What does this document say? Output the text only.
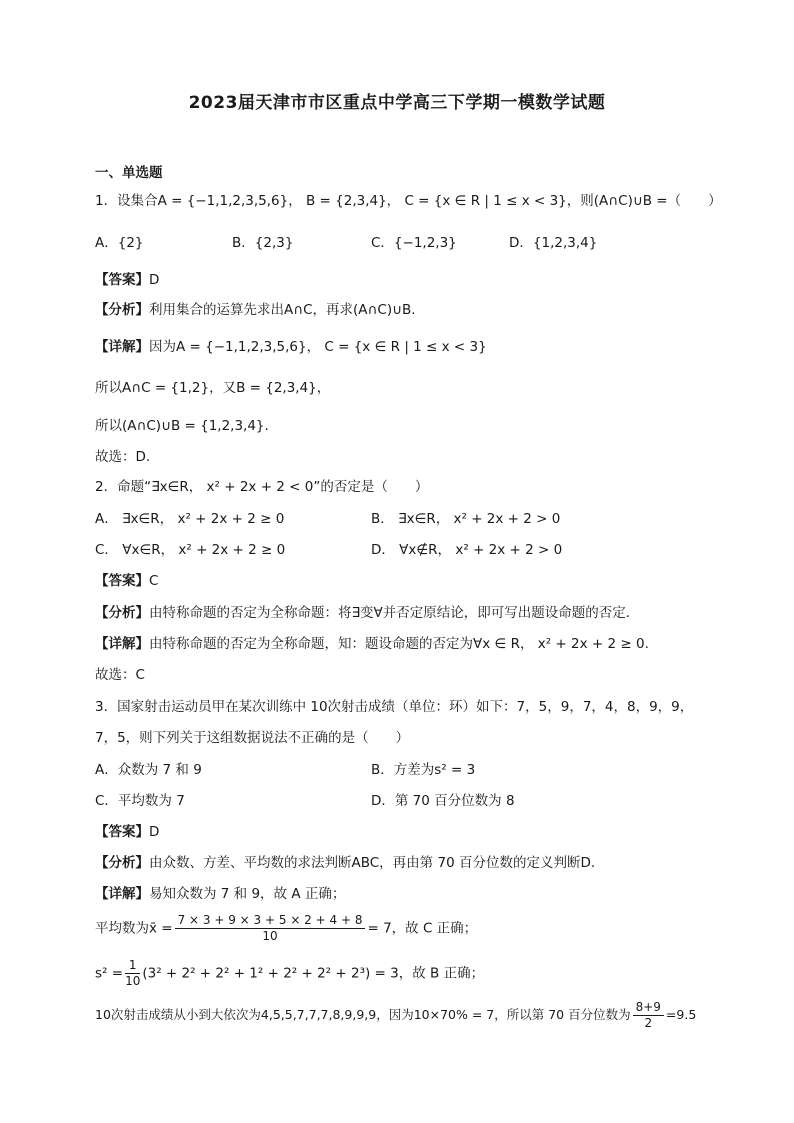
2023届天津市市区重点中学高三下学期一模数学试题
一、单选题
1．设集合A = {−1,1,2,3,5,6}， B = {2,3,4}， C = {x ∈ R | 1 ≤ x < 3}，则(A∩C)∪B =（　　）
A．{2}	B．{2,3}	C．{−1,2,3}	D．{1,2,3,4}
【答案】D
【分析】利用集合的运算先求出A∩C，再求(A∩C)∪B.
【详解】因为A = {−1,1,2,3,5,6}， C = {x ∈ R | 1 ≤ x < 3}
所以A∩C = {1,2}，又B = {2,3,4}，
所以(A∩C)∪B = {1,2,3,4}.
故选：D.
2．命题“∃x∈R， x² + 2x + 2 < 0”的否定是（　　）
A． ∃x∈R， x² + 2x + 2 ≥ 0	B． ∃x∈R， x² + 2x + 2 > 0
C． ∀x∈R， x² + 2x + 2 ≥ 0	D． ∀x∉R， x² + 2x + 2 > 0
【答案】C
【分析】由特称命题的否定为全称命题：将∃变∀并否定原结论，即可写出题设命题的否定.
【详解】由特称命题的否定为全称命题，知：题设命题的否定为∀x ∈ R， x² + 2x + 2 ≥ 0.
故选：C
3．国家射击运动员甲在某次训练中 10次射击成绩（单位：环）如下：7，5，9，7，4，8，9，9，
7，5，则下列关于这组数据说法不正确的是（　　）
A．众数为 7 和 9	B．方差为s² = 3
C．平均数为 7	D．第 70 百分位数为 8
【答案】D
【分析】由众数、方差、平均数的求法判断ABC，再由第 70 百分位数的定义判断D.
【详解】易知众数为 7 和 9，故 A 正确；
平均数为x̄ = $\frac{7 \times 3 + 9 \times 3 + 5 \times 2 + 4 + 8}{10} = 7$，故 C 正确；
$s^2 = \frac{1}{10} (3^2 + 2^2 + 2^2 + 1^2 + 2^2 + 2^2 + 2^3) = 3$，故 B 正确；
10次射击成绩从小到大依次为4,5,5,7,7,7,8,9,9,9，因为10×70% = 7，所以第 70 百分位数为 $\frac{8+9}{2} =9.5$
